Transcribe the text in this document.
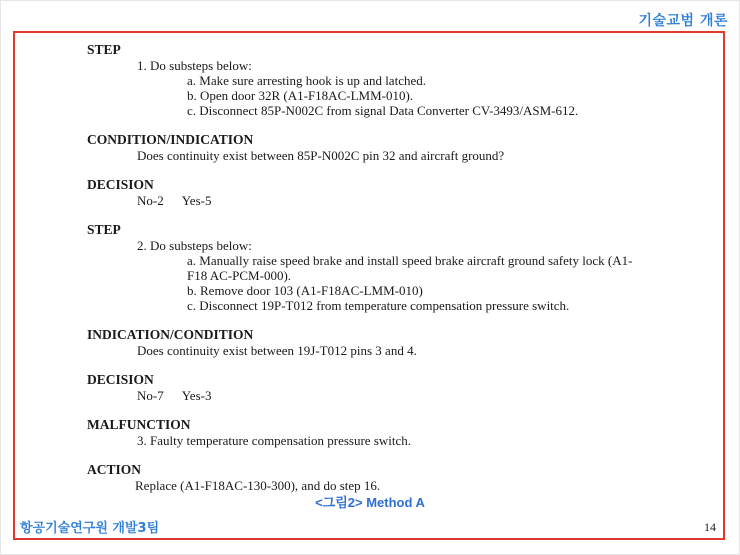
기술교범 개론
STEP
1. Do substeps below:
a. Make sure arresting hook is up and latched.
b. Open door 32R (A1-F18AC-LMM-010).
c. Disconnect 85P-N002C from signal Data Converter CV-3493/ASM-612.
CONDITION/INDICATION
Does continuity exist between 85P-N002C pin 32 and aircraft ground?
DECISION
No-2 Yes-5
STEP
2. Do substeps below:
a. Manually raise speed brake and install speed brake aircraft ground safety lock (A1-
F18 AC-PCM-000).
b. Remove door 103 (A1-F18AC-LMM-010)
c. Disconnect 19P-T012 from temperature compensation pressure switch.
INDICATION/CONDITION
Does continuity exist between 19J-T012 pins 3 and 4.
DECISION
No-7 Yes-3
MALFUNCTION
3. Faulty temperature compensation pressure switch.
ACTION
Replace (A1-F18AC-130-300), and do step 16.
<그림2> Method A
항공기술연구원 개발3팀	14
